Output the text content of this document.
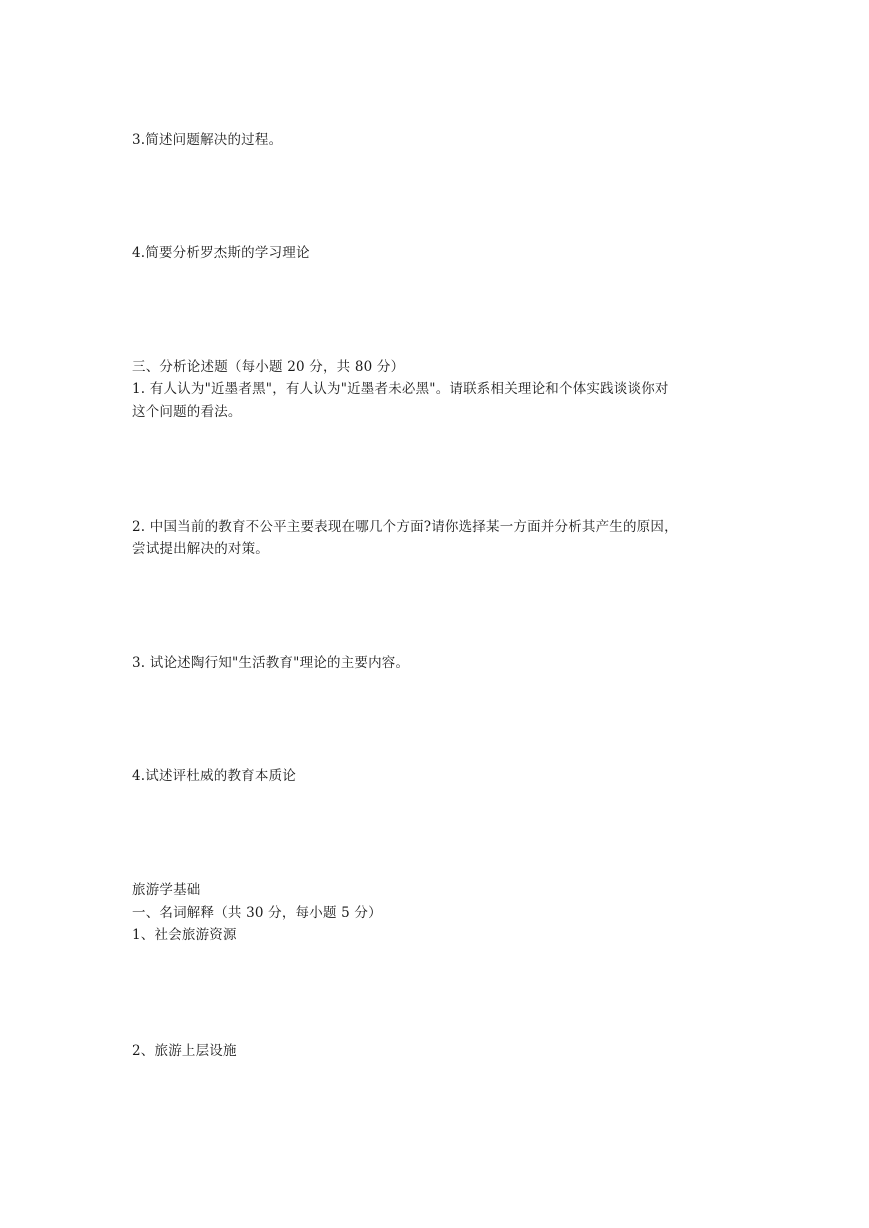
3.简述问题解决的过程。
4.简要分析罗杰斯的学习理论
三、分析论述题（每小题 20 分，共 80 分）
1. 有人认为"近墨者黑"，有人认为"近墨者未必黑"。请联系相关理论和个体实践谈谈你对
这个问题的看法。
2. 中国当前的教育不公平主要表现在哪几个方面?请你选择某一方面并分析其产生的原因，
尝试提出解决的对策。
3. 试论述陶行知"生活教育"理论的主要内容。
4.试述评杜威的教育本质论
旅游学基础
一、名词解释（共 30 分，每小题 5 分）
1、社会旅游资源
2、旅游上层设施
